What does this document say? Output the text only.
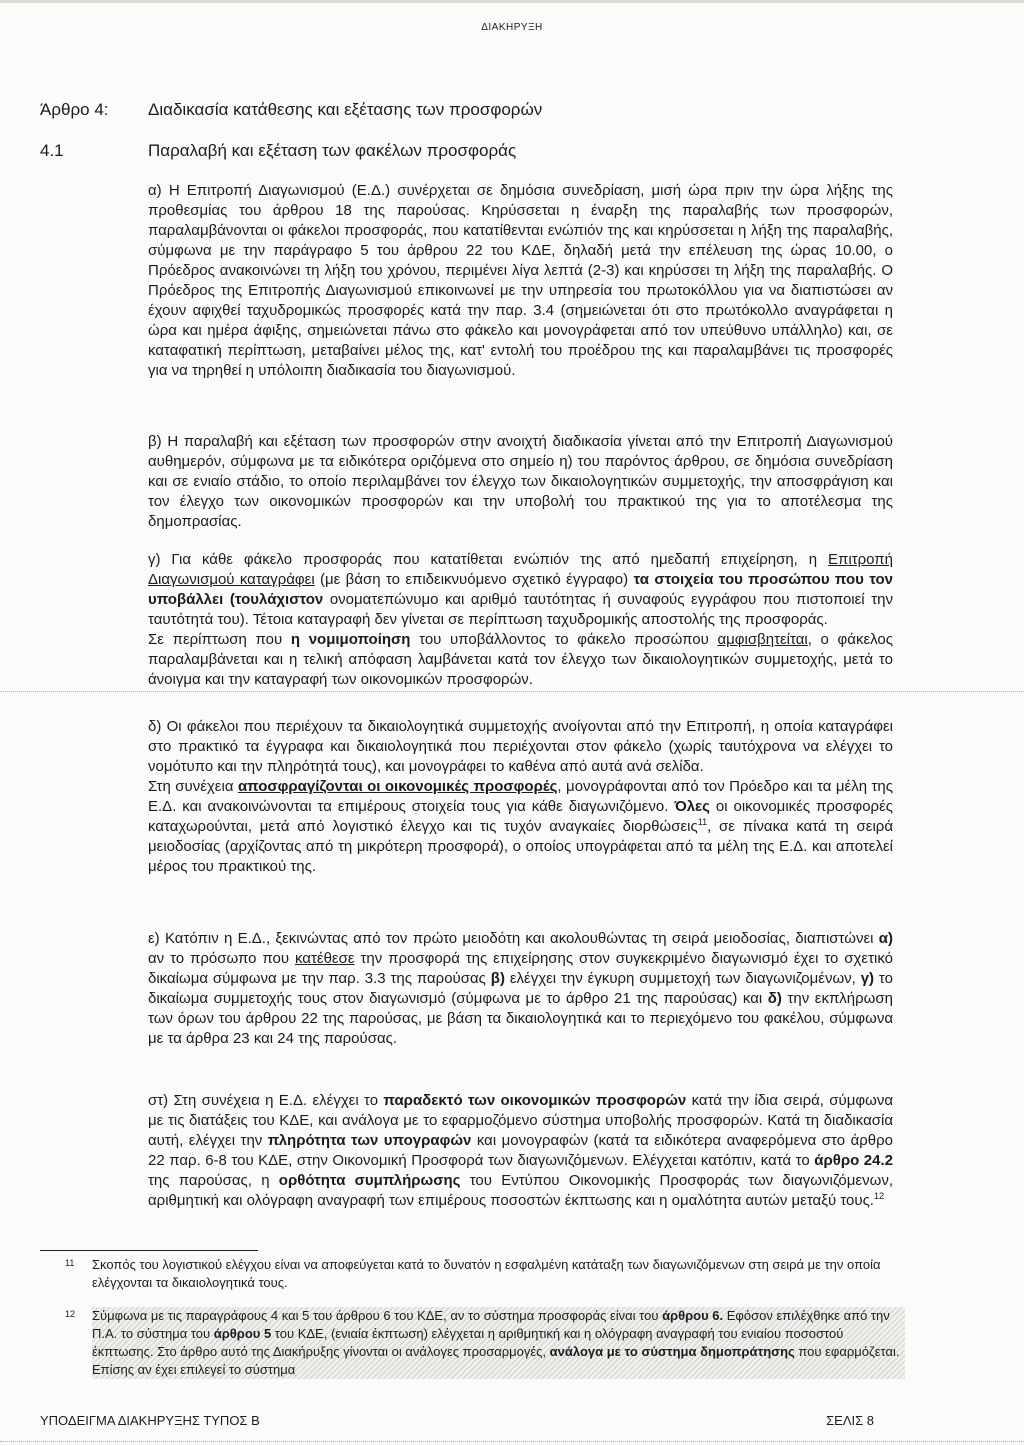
ΔΙΑΚΗΡΥΞΗ
Άρθρο 4: Διαδικασία κατάθεσης και εξέτασης των προσφορών
4.1	Παραλαβή και εξέταση των φακέλων προσφοράς

α) Η Επιτροπή Διαγωνισμού (Ε.Δ.) συνέρχεται σε δημόσια συνεδρίαση, μισή ώρα πριν την ώρα λήξης της προθεσμίας του άρθρου 18 της παρούσας. Κηρύσσεται η έναρξη της παραλαβής των προσφορών, παραλαμβάνονται οι φάκελοι προσφοράς, που κατατίθενται ενώπιόν της και κηρύσσεται η λήξη της παραλαβής, σύμφωνα με την παράγραφο 5 του άρθρου 22 του ΚΔΕ, δηλαδή μετά την επέλευση της ώρας 10.00, ο Πρόεδρος ανακοινώνει τη λήξη του χρόνου, περιμένει λίγα λεπτά (2-3) και κηρύσσει τη λήξη της παραλαβής. Ο Πρόεδρος της Επιτροπής Διαγωνισμού επικοινωνεί με την υπηρεσία του πρωτοκόλλου για να διαπιστώσει αν έχουν αφιχθεί ταχυδρομικώς προσφορές κατά την παρ. 3.4 (σημειώνεται ότι στο πρωτόκολλο αναγράφεται η ώρα και ημέρα άφιξης, σημειώνεται πάνω στο φάκελο και μονογράφεται από τον υπεύθυνο υπάλληλο) και, σε καταφατική περίπτωση, μεταβαίνει μέλος της, κατ' εντολή του προέδρου της και παραλαμβάνει τις προσφορές για να τηρηθεί η υπόλοιπη διαδικασία του διαγωνισμού.

β) Η παραλαβή και εξέταση των προσφορών στην ανοιχτή διαδικασία γίνεται από την Επιτροπή Διαγωνισμού αυθημερόν, σύμφωνα με τα ειδικότερα οριζόμενα στο σημείο η) του παρόντος άρθρου, σε δημόσια συνεδρίαση και σε ενιαίο στάδιο, το οποίο περιλαμβάνει τον έλεγχο των δικαιολογητικών συμμετοχής, την αποσφράγιση και τον έλεγχο των οικονομικών προσφορών και την υποβολή του πρακτικού της για το αποτέλεσμα της δημοπρασίας.

γ) Για κάθε φάκελο προσφοράς που κατατίθεται ενώπιόν της από ημεδαπή επιχείρηση, η Επιτροπή Διαγωνισμού καταγράφει (με βάση το επιδεικνυόμενο σχετικό έγγραφο) τα στοιχεία του προσώπου που τον υποβάλλει (τουλάχιστον ονοματεπώνυμο και αριθμό ταυτότητας ή συναφούς εγγράφου που πιστοποιεί την ταυτότητά του). Τέτοια καταγραφή δεν γίνεται σε περίπτωση ταχυδρομικής αποστολής της προσφοράς.

Σε περίπτωση που η νομιμοποίηση του υποβάλλοντος το φάκελο προσώπου αμφισβητείται, ο φάκελος παραλαμβάνεται και η τελική απόφαση λαμβάνεται κατά τον έλεγχο των δικαιολογητικών συμμετοχής, μετά το άνοιγμα και την καταγραφή των οικονομικών προσφορών.

δ) Οι φάκελοι που περιέχουν τα δικαιολογητικά συμμετοχής ανοίγονται από την Επιτροπή, η οποία καταγράφει στο πρακτικό τα έγγραφα και δικαιολογητικά που περιέχονται στον φάκελο (χωρίς ταυτόχρονα να ελέγχει το νομότυπο και την πληρότητά τους), και μονογράφει το καθένα από αυτά ανά σελίδα.

Στη συνέχεια αποσφραγίζονται οι οικονομικές προσφορές, μονογράφονται από τον Πρόεδρο και τα μέλη της Ε.Δ. και ανακοινώνονται τα επιμέρους στοιχεία τους για κάθε διαγωνιζόμενο. Όλες οι οικονομικές προσφορές καταχωρούνται, μετά από λογιστικό έλεγχο και τις τυχόν αναγκαίες διορθώσεις$^{11}$, σε πίνακα κατά τη σειρά μειοδοσίας (αρχίζοντας από τη μικρότερη προσφορά), ο οποίος υπογράφεται από τα μέλη της Ε.Δ. και αποτελεί μέρος του πρακτικού της.

ε) Κατόπιν η Ε.Δ., ξεκινώντας από τον πρώτο μειοδότη και ακολουθώντας τη σειρά μειοδοσίας, διαπιστώνει α) αν το πρόσωπο που κατέθεσε την προσφορά της επιχείρησης στον συγκεκριμένο διαγωνισμό έχει το σχετικό δικαίωμα σύμφωνα με την παρ. 3.3 της παρούσας β) ελέγχει την έγκυρη συμμετοχή των διαγωνιζομένων, γ) το δικαίωμα συμμετοχής τους στον διαγωνισμό (σύμφωνα με το άρθρο 21 της παρούσας) και δ) την εκπλήρωση των όρων του άρθρου 22 της παρούσας, με βάση τα δικαιολογητικά και το περιεχόμενο του φακέλου, σύμφωνα με τα άρθρα 23 και 24 της παρούσας.

στ) Στη συνέχεια η Ε.Δ. ελέγχει το παραδεκτό των οικονομικών προσφορών κατά την ίδια σειρά, σύμφωνα με τις διατάξεις του ΚΔΕ, και ανάλογα με το εφαρμοζόμενο σύστημα υποβολής προσφορών. Κατά τη διαδικασία αυτή, ελέγχει την πληρότητα των υπογραφών και μονογραφών (κατά τα ειδικότερα αναφερόμενα στο άρθρο 22 παρ. 6-8 του ΚΔΕ, στην Οικονομική Προσφορά των διαγωνιζόμενων. Ελέγχεται κατόπιν, κατά το άρθρο 24.2 της παρούσας, η ορθότητα συμπλήρωσης του Εντύπου Οικονομικής Προσφοράς των διαγωνιζόμενων, αριθμητική και ολόγραφη αναγραφή των επιμέρους ποσοστών έκπτωσης και η ομαλότητα αυτών μεταξύ τους.$^{12}$

11 Σκοπός του λογιστικού ελέγχου είναι να αποφεύγεται κατά το δυνατόν η εσφαλμένη κατάταξη των διαγωνιζόμενων στη σειρά με την οποία ελέγχονται τα δικαιολογητικά τους.
12 Σύμφωνα με τις παραγράφους 4 και 5 του άρθρου 6 του ΚΔΕ, αν το σύστημα προσφοράς είναι του άρθρου 6. Εφόσον επιλέχθηκε από την Π.Α. το σύστημα του άρθρου 5 του ΚΔΕ, (ενιαία έκπτωση) ελέγχεται η αριθμητική και η ολόγραφη αναγραφή του ενιαίου ποσοστού έκπτωσης. Στο άρθρο αυτό της Διακήρυξης γίνονται οι ανάλογες προσαρμογές, ανάλογα με το σύστημα δημοπράτησης που εφαρμόζεται. Επίσης αν έχει επιλεγεί το σύστημα
ΥΠΟΔΕΙΓΜΑ ΔΙΑΚΗΡΥΞΗΣ ΤΥΠΟΣ Β	ΣΕΛΙΣ 8
